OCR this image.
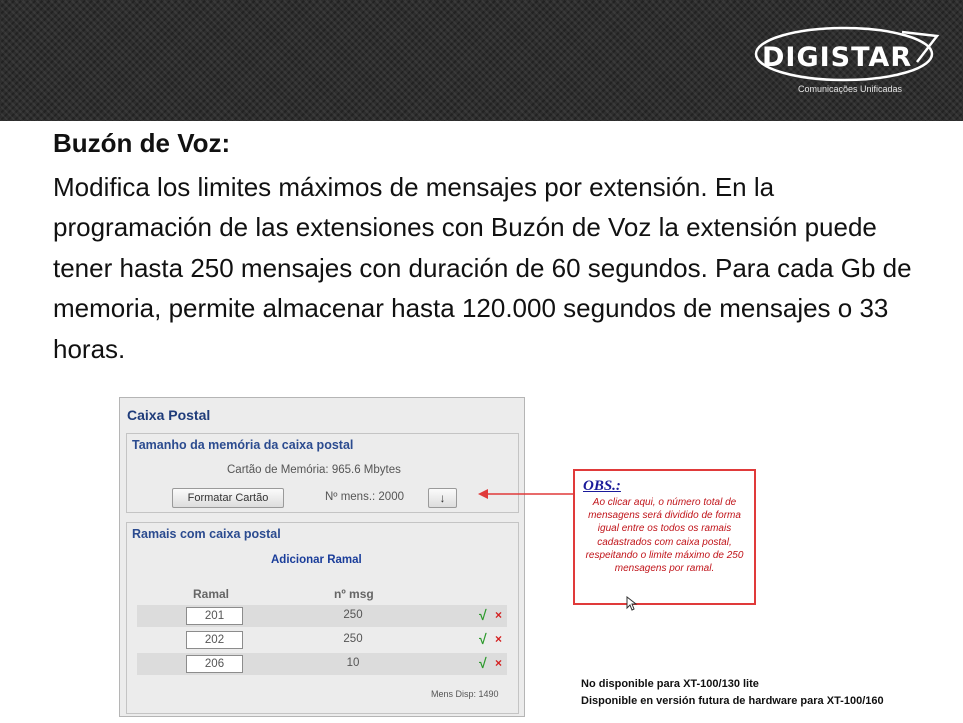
DIGISTAR
Comunicações Unificadas
Buzón de Voz:
Modifica los limites máximos de mensajes por extensión. En la programación de las extensiones con Buzón de Voz la extensión puede tener hasta 250 mensajes con duración de 60 segundos. Para cada Gb de memoria, permite almacenar hasta 120.000 segundos de mensajes o 33 horas.
Caixa Postal
Tamanho da memória da caixa postal
Cartão de Memória: 965.6 Mbytes
Formatar Cartão	Nº mens.: 2000	↓
Ramais com caixa postal
Adicionar Ramal
Ramal	nº msg
201	250	√ ×
202	250	√ ×
206	10	√ ×
Mens Disp: 1490
OBS.:
Ao clicar aqui, o número total de mensagens será dividido de forma igual entre os todos os ramais cadastrados com caixa postal, respeitando o limite máximo de 250 mensagens por ramal.
No disponible para XT-100/130 lite
Disponible en versión futura de hardware para XT-100/160
